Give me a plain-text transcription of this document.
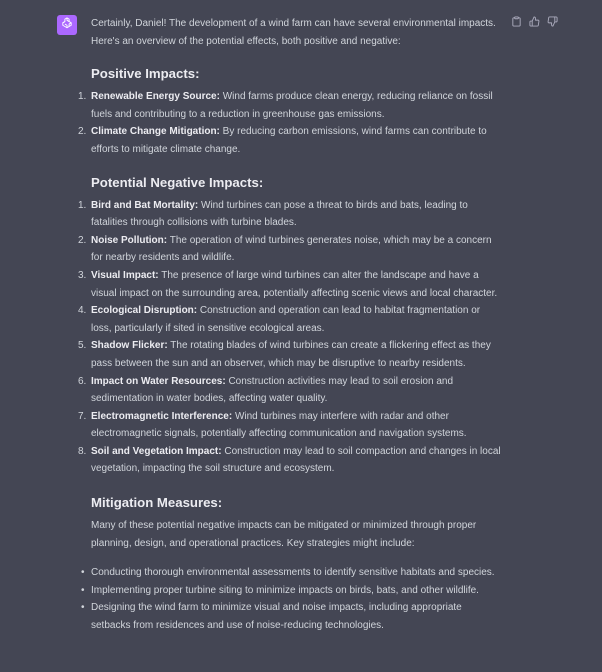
Certainly, Daniel! The development of a wind farm can have several environmental impacts. Here's an overview of the potential effects, both positive and negative:

Positive Impacts:
1. Renewable Energy Source: Wind farms produce clean energy, reducing reliance on fossil fuels and contributing to a reduction in greenhouse gas emissions.
2. Climate Change Mitigation: By reducing carbon emissions, wind farms can contribute to efforts to mitigate climate change.
Potential Negative Impacts:
1. Bird and Bat Mortality: Wind turbines can pose a threat to birds and bats, leading to fatalities through collisions with turbine blades.
2. Noise Pollution: The operation of wind turbines generates noise, which may be a concern for nearby residents and wildlife.
3. Visual Impact: The presence of large wind turbines can alter the landscape and have a visual impact on the surrounding area, potentially affecting scenic views and local character.
4. Ecological Disruption: Construction and operation can lead to habitat fragmentation or loss, particularly if sited in sensitive ecological areas.
5. Shadow Flicker: The rotating blades of wind turbines can create a flickering effect as they pass between the sun and an observer, which may be disruptive to nearby residents.
6. Impact on Water Resources: Construction activities may lead to soil erosion and sedimentation in water bodies, affecting water quality.
7. Electromagnetic Interference: Wind turbines may interfere with radar and other electromagnetic signals, potentially affecting communication and navigation systems.
8. Soil and Vegetation Impact: Construction may lead to soil compaction and changes in local vegetation, impacting the soil structure and ecosystem.
Mitigation Measures:

Many of these potential negative impacts can be mitigated or minimized through proper planning, design, and operational practices. Key strategies might include:

• Conducting thorough environmental assessments to identify sensitive habitats and species.
• Implementing proper turbine siting to minimize impacts on birds, bats, and other wildlife.
• Designing the wind farm to minimize visual and noise impacts, including appropriate setbacks from residences and use of noise-reducing technologies.
